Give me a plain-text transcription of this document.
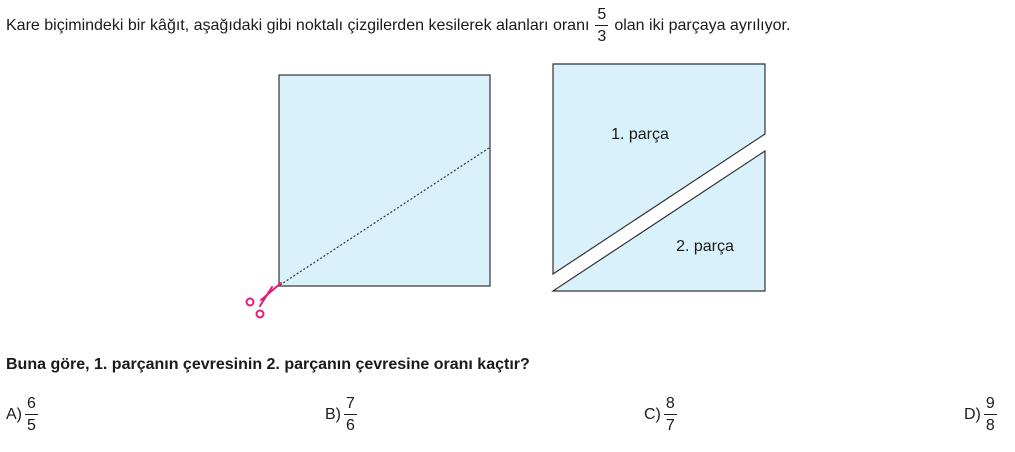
Kare biçimindeki bir kâğıt, aşağıdaki gibi noktalı çizgilerden kesilerek alanları oranı $\frac{5}{3}$ olan iki parçaya ayrılıyor.
1. parça
2. parça
Buna göre, 1. parçanın çevresinin 2. parçanın çevresine oranı kaçtır?
$A) \frac{6}{5}$	$B) \frac{7}{6}$	$C) \frac{8}{7}$	$D) \frac{9}{8}$
